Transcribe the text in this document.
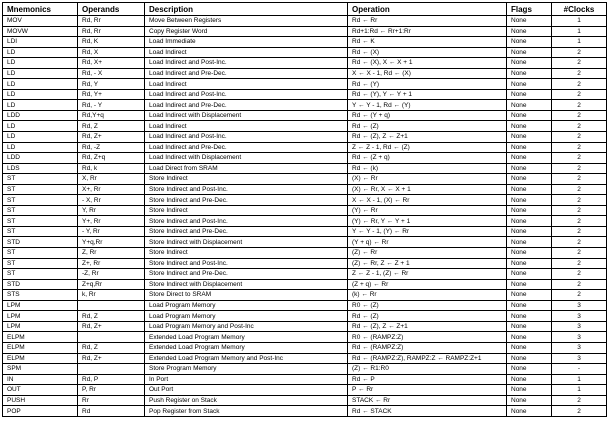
Mnemonics	Operands	Description	Operation	Flags	#Clocks
MOV	Rd, Rr	Move Between Registers	Rd ← Rr	None	1
MOVW	Rd, Rr	Copy Register Word	Rd+1:Rd ← Rr+1:Rr	None	1
LDI	Rd, K	Load Immediate	Rd ← K	None	1
LD	Rd, X	Load Indirect	Rd ← (X)	None	2
LD	Rd, X+	Load Indirect and Post-Inc.	Rd ← (X), X ← X + 1	None	2
LD	Rd, - X	Load Indirect and Pre-Dec.	X ← X - 1, Rd ← (X)	None	2
LD	Rd, Y	Load Indirect	Rd ← (Y)	None	2
LD	Rd, Y+	Load Indirect and Post-Inc.	Rd ← (Y), Y ← Y + 1	None	2
LD	Rd, - Y	Load Indirect and Pre-Dec.	Y ← Y - 1, Rd ← (Y)	None	2
LDD	Rd,Y+q	Load Indirect with Displacement	Rd ← (Y + q)	None	2
LD	Rd, Z	Load Indirect	Rd ← (Z)	None	2
LD	Rd, Z+	Load Indirect and Post-Inc.	Rd ← (Z), Z ← Z+1	None	2
LD	Rd, -Z	Load Indirect and Pre-Dec.	Z ← Z - 1, Rd ← (Z)	None	2
LDD	Rd, Z+q	Load Indirect with Displacement	Rd ← (Z + q)	None	2
LDS	Rd, k	Load Direct from SRAM	Rd ← (k)	None	2
ST	X, Rr	Store Indirect	(X) ← Rr	None	2
ST	X+, Rr	Store Indirect and Post-Inc.	(X) ← Rr, X ← X + 1	None	2
ST	- X, Rr	Store Indirect and Pre-Dec.	X ← X - 1, (X) ← Rr	None	2
ST	Y, Rr	Store Indirect	(Y) ← Rr	None	2
ST	Y+, Rr	Store Indirect and Post-Inc.	(Y) ← Rr, Y ← Y + 1	None	2
ST	- Y, Rr	Store Indirect and Pre-Dec.	Y ← Y - 1, (Y) ← Rr	None	2
STD	Y+q,Rr	Store Indirect with Displacement	(Y + q) ← Rr	None	2
ST	Z, Rr	Store Indirect	(Z) ← Rr	None	2
ST	Z+, Rr	Store Indirect and Post-Inc.	(Z) ← Rr, Z ← Z + 1	None	2
ST	-Z, Rr	Store Indirect and Pre-Dec.	Z ← Z - 1, (Z) ← Rr	None	2
STD	Z+q,Rr	Store Indirect with Displacement	(Z + q) ← Rr	None	2
STS	k, Rr	Store Direct to SRAM	(k) ← Rr	None	2
LPM		Load Program Memory	R0 ← (Z)	None	3
LPM	Rd, Z	Load Program Memory	Rd ← (Z)	None	3
LPM	Rd, Z+	Load Program Memory and Post-Inc	Rd ← (Z), Z ← Z+1	None	3
ELPM		Extended Load Program Memory	R0 ← (RAMPZ:Z)	None	3
ELPM	Rd, Z	Extended Load Program Memory	Rd ← (RAMPZ:Z)	None	3
ELPM	Rd, Z+	Extended Load Program Memory and Post-Inc	Rd ← (RAMPZ:Z), RAMPZ:Z ← RAMPZ:Z+1	None	3
SPM		Store Program Memory	(Z) ← R1:R0	None	-
IN	Rd, P	In Port	Rd ← P	None	1
OUT	P, Rr	Out Port	P ← Rr	None	1
PUSH	Rr	Push Register on Stack	STACK ← Rr	None	2
POP	Rd	Pop Register from Stack	Rd ← STACK	None	2
